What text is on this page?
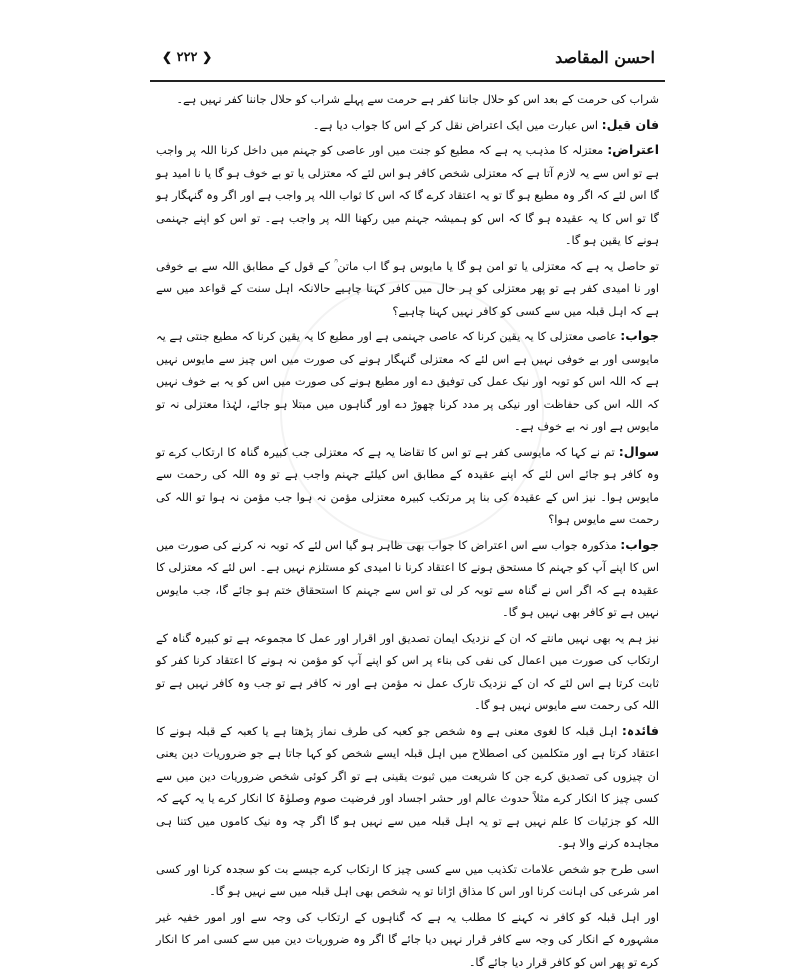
احسن المقاصد
❮ ۲۲۲ ❯

شراب کی حرمت کے بعد اس کو حلال جاننا کفر ہے حرمت سے پہلے شراب کو حلال جاننا کفر نہیں ہے۔

فان قیل: اس عبارت میں ایک اعتراض نقل کر کے اس کا جواب دیا ہے۔

اعتراض: معتزلہ کا مذہب یہ ہے کہ مطیع کو جنت میں اور عاصی کو جہنم میں داخل کرنا اللہ پر واجب ہے تو اس سے یہ لازم آتا ہے کہ معتزلی شخص کافر ہو اس لئے کہ معتزلی یا تو بے خوف ہو گا یا نا امید ہو گا اس لئے کہ اگر وہ مطیع ہو گا تو یہ اعتقاد کرے گا کہ اس کا ثواب اللہ پر واجب ہے اور اگر وہ گنہگار ہو گا تو اس کا یہ عقیدہ ہو گا کہ اس کو ہمیشہ جہنم میں رکھنا اللہ پر واجب ہے۔ تو اس کو اپنے جہنمی ہونے کا یقین ہو گا۔

تو حاصل یہ ہے کہ معتزلی یا تو امن ہو گا یا مایوس ہو گا اب ماتن ؒ کے قول کے مطابق اللہ سے بے خوفی اور نا امیدی کفر ہے تو پھر معتزلی کو ہر حال میں کافر کہنا چاہیے حالانکہ اہل سنت کے قواعد میں سے ہے کہ اہل قبلہ میں سے کسی کو کافر نہیں کہنا چاہیے؟

جواب: عاصی معتزلی کا یہ یقین کرنا کہ عاصی جہنمی ہے اور مطیع کا یہ یقین کرنا کہ مطیع جنتی ہے یہ مایوسی اور بے خوفی نہیں ہے اس لئے کہ معتزلی گنہگار ہونے کی صورت میں اس چیز سے مایوس نہیں ہے کہ اللہ اس کو توبہ اور نیک عمل کی توفیق دے اور مطیع ہونے کی صورت میں اس کو یہ بے خوف نہیں کہ اللہ اس کی حفاظت اور نیکی پر مدد کرنا چھوڑ دے اور گناہوں میں مبتلا ہو جائے، لہٰذا معتزلی نہ تو مایوس ہے اور نہ بے خوف ہے۔

سوال: تم نے کہا کہ مایوسی کفر ہے تو اس کا تقاضا یہ ہے کہ معتزلی جب کبیرہ گناہ کا ارتکاب کرے تو وہ کافر ہو جائے اس لئے کہ اپنے عقیدہ کے مطابق اس کیلئے جہنم واجب ہے تو وہ اللہ کی رحمت سے مایوس ہوا۔ نیز اس کے عقیدہ کی بنا پر مرتکب کبیرہ معتزلی مؤمن نہ ہوا جب مؤمن نہ ہوا تو اللہ کی رحمت سے مایوس ہوا؟

جواب: مذکورہ جواب سے اس اعتراض کا جواب بھی ظاہر ہو گیا اس لئے کہ توبہ نہ کرنے کی صورت میں اس کا اپنے آپ کو جہنم کا مستحق ہونے کا اعتقاد کرنا نا امیدی کو مستلزم نہیں ہے۔ اس لئے کہ معتزلی کا عقیدہ ہے کہ اگر اس نے گناہ سے توبہ کر لی تو اس سے جہنم کا استحقاق ختم ہو جائے گا، جب مایوس نہیں ہے تو کافر بھی نہیں ہو گا۔

نیز ہم یہ بھی نہیں مانتے کہ ان کے نزدیک ایمان تصدیق اور اقرار اور عمل کا مجموعہ ہے تو کبیرہ گناہ کے ارتکاب کی صورت میں اعمال کی نفی کی بناء پر اس کو اپنے آپ کو مؤمن نہ ہونے کا اعتقاد کرنا کفر کو ثابت کرتا ہے اس لئے کہ ان کے نزدیک تارک عمل نہ مؤمن ہے اور نہ کافر ہے تو جب وہ کافر نہیں ہے تو اللہ کی رحمت سے مایوس نہیں ہو گا۔

فائدہ: اہل قبلہ کا لغوی معنی ہے وہ شخص جو کعبہ کی طرف نماز پڑھتا ہے یا کعبہ کے قبلہ ہونے کا اعتقاد کرتا ہے اور متکلمین کی اصطلاح میں اہل قبلہ ایسے شخص کو کہا جاتا ہے جو ضروریات دین یعنی ان چیزوں کی تصدیق کرے جن کا شریعت میں ثبوت یقینی ہے تو اگر کوئی شخص ضروریات دین میں سے کسی چیز کا انکار کرے مثلاً حدوث عالم اور حشر اجساد اور فرضیت صوم وصلوٰۃ کا انکار کرے یا یہ کہے کہ اللہ کو جزئیات کا علم نہیں ہے تو یہ اہل قبلہ میں سے نہیں ہو گا اگر چہ وہ نیک کاموں میں کتنا ہی مجاہدہ کرنے والا ہو۔

اسی طرح جو شخص علامات تکذیب میں سے کسی چیز کا ارتکاب کرے جیسے بت کو سجدہ کرنا اور کسی امر شرعی کی اہانت کرنا اور اس کا مذاق اڑانا تو یہ شخص بھی اہل قبلہ میں سے نہیں ہو گا۔

اور اہل قبلہ کو کافر نہ کہنے کا مطلب یہ ہے کہ گناہوں کے ارتکاب کی وجہ سے اور امور خفیہ غیر مشہورہ کے انکار کی وجہ سے کافر قرار نہیں دیا جائے گا اگر وہ ضروریات دین میں سے کسی امر کا انکار کرے تو پھر اس کو کافر قرار دیا جائے گا۔
